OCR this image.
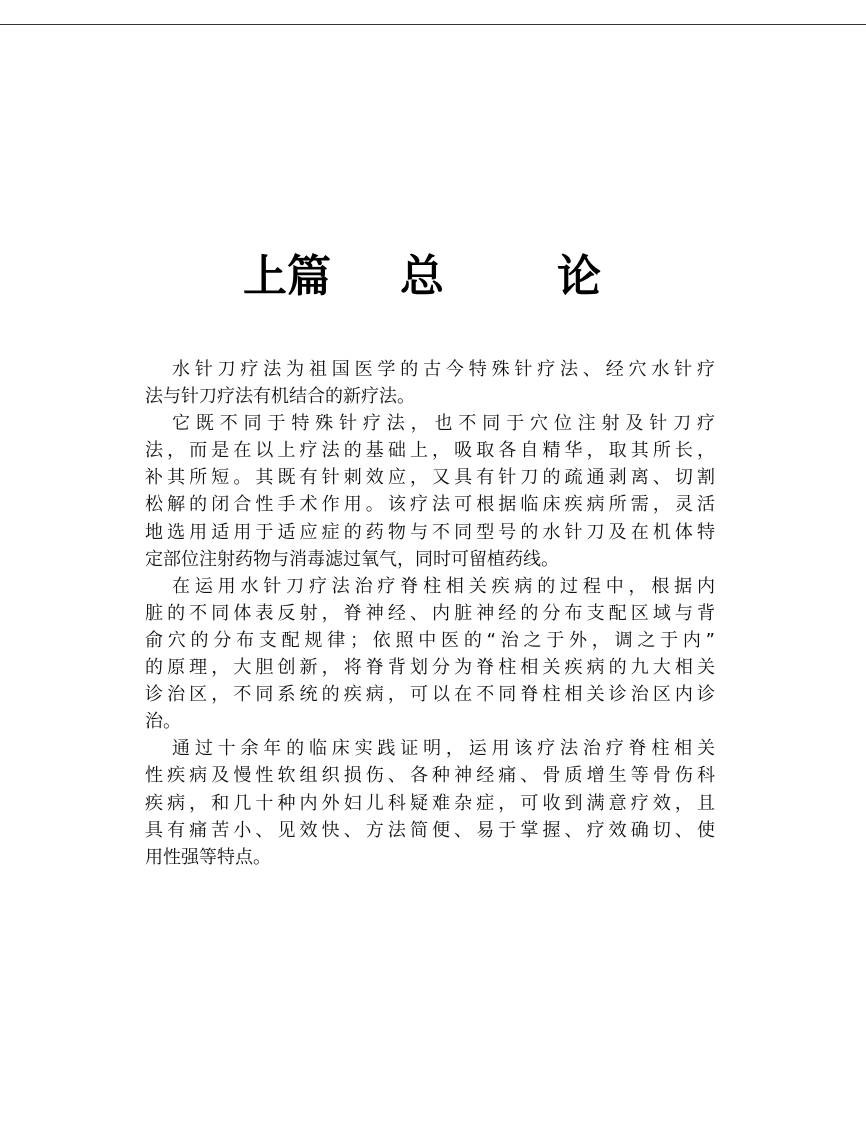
上篇 总	论
水针刀疗法为祖国医学的古今特殊针疗法、经穴水针疗
法与针刀疗法有机结合的新疗法。
它既不同于特殊针疗法，也不同于穴位注射及针刀疗
法，而是在以上疗法的基础上，吸取各自精华，取其所长，
补其所短。其既有针刺效应，又具有针刀的疏通剥离、切割
松解的闭合性手术作用。该疗法可根据临床疾病所需，灵活
地选用适用于适应症的药物与不同型号的水针刀及在机体特
定部位注射药物与消毒滤过氧气，同时可留植药线。
在运用水针刀疗法治疗脊柱相关疾病的过程中，根据内
脏的不同体表反射，脊神经、内脏神经的分布支配区域与背
俞穴的分布支配规律；依照中医的“治之于外，调之于内”
的原理，大胆创新，将脊背划分为脊柱相关疾病的九大相关
诊治区，不同系统的疾病，可以在不同脊柱相关诊治区内诊
治。
通过十余年的临床实践证明，运用该疗法治疗脊柱相关
性疾病及慢性软组织损伤、各种神经痛、骨质增生等骨伤科
疾病，和几十种内外妇儿科疑难杂症，可收到满意疗效，且
具有痛苦小、见效快、方法简便、易于掌握、疗效确切、使
用性强等特点。
